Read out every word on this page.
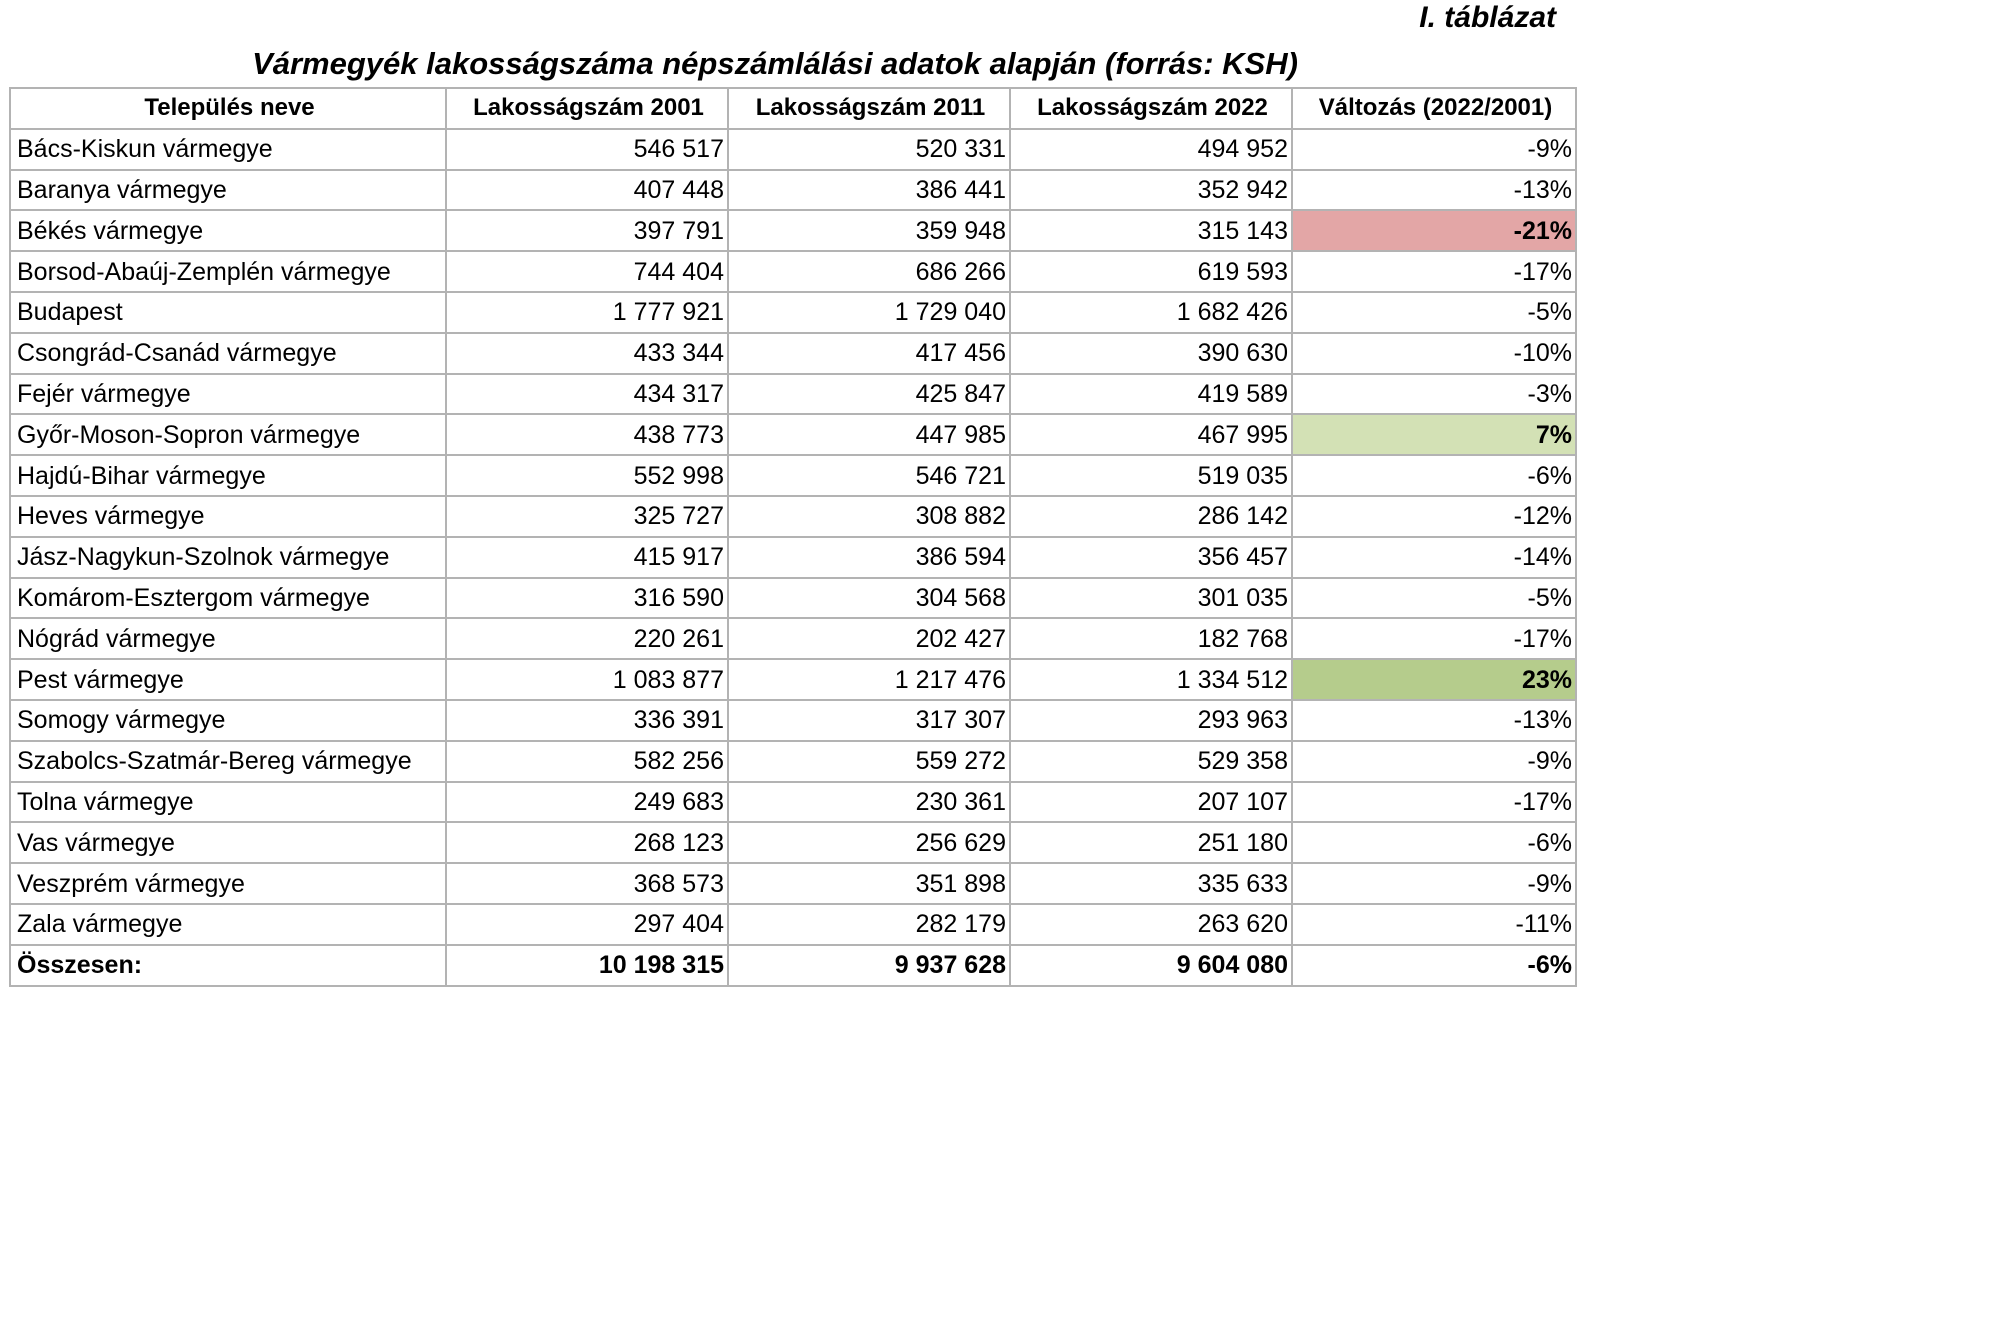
I. táblázat
Vármegyék lakosságszáma népszámlálási adatok alapján (forrás: KSH)
Település neve	Lakosságszám 2001	Lakosságszám 2011	Lakosságszám 2022	Változás (2022/2001)
Bács-Kiskun vármegye	546 517	520 331	494 952	-9%
Baranya vármegye	407 448	386 441	352 942	-13%
Békés vármegye	397 791	359 948	315 143	-21%
Borsod-Abaúj-Zemplén vármegye	744 404	686 266	619 593	-17%
Budapest	1 777 921	1 729 040	1 682 426	-5%
Csongrád-Csanád vármegye	433 344	417 456	390 630	-10%
Fejér vármegye	434 317	425 847	419 589	-3%
Győr-Moson-Sopron vármegye	438 773	447 985	467 995	7%
Hajdú-Bihar vármegye	552 998	546 721	519 035	-6%
Heves vármegye	325 727	308 882	286 142	-12%
Jász-Nagykun-Szolnok vármegye	415 917	386 594	356 457	-14%
Komárom-Esztergom vármegye	316 590	304 568	301 035	-5%
Nógrád vármegye	220 261	202 427	182 768	-17%
Pest vármegye	1 083 877	1 217 476	1 334 512	23%
Somogy vármegye	336 391	317 307	293 963	-13%
Szabolcs-Szatmár-Bereg vármegye	582 256	559 272	529 358	-9%
Tolna vármegye	249 683	230 361	207 107	-17%
Vas vármegye	268 123	256 629	251 180	-6%
Veszprém vármegye	368 573	351 898	335 633	-9%
Zala vármegye	297 404	282 179	263 620	-11%
Összesen:	10 198 315	9 937 628	9 604 080	-6%
